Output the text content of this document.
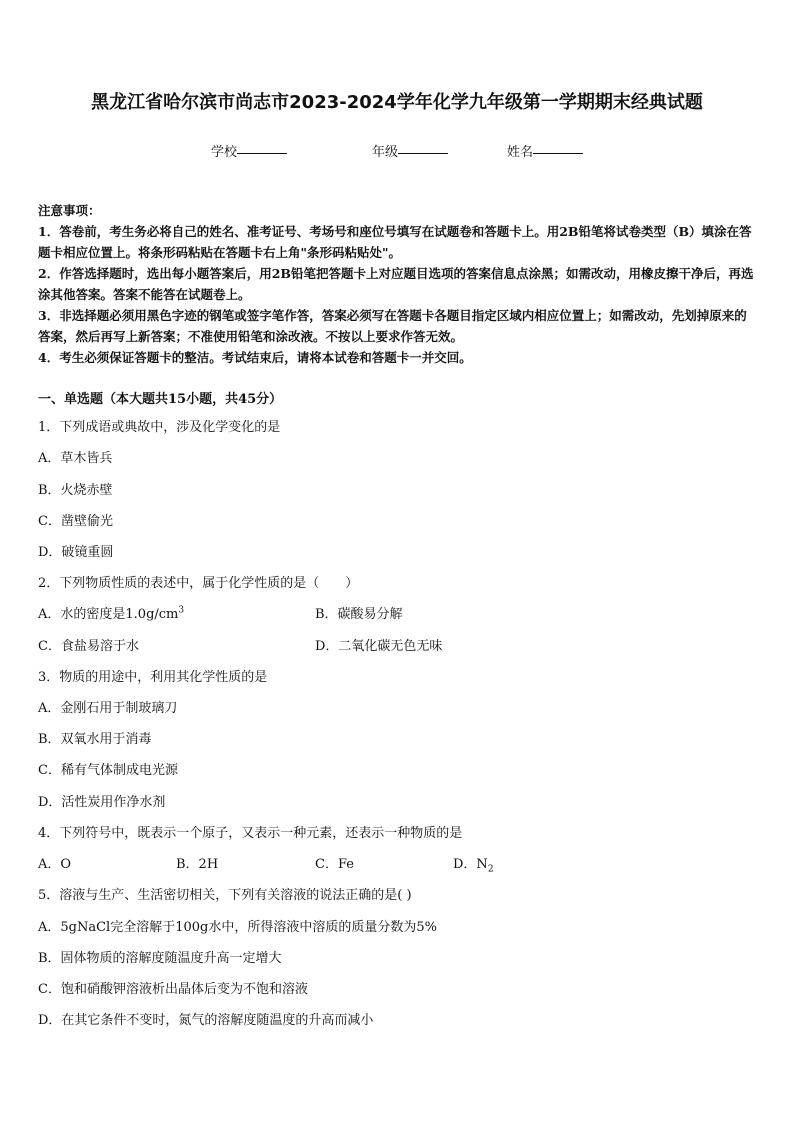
黑龙江省哈尔滨市尚志市2023-2024学年化学九年级第一学期期末经典试题
学校	年级	姓名

注意事项：

1．答卷前，考生务必将自己的姓名、准考证号、考场号和座位号填写在试题卷和答题卡上。用2B铅笔将试卷类型（B）填涂在答题卡相应位置上。将条形码粘贴在答题卡右上角"条形码粘贴处"。

2．作答选择题时，选出每小题答案后，用2B铅笔把答题卡上对应题目选项的答案信息点涂黑；如需改动，用橡皮擦干净后，再选涂其他答案。答案不能答在试题卷上。

3．非选择题必须用黑色字迹的钢笔或签字笔作答，答案必须写在答题卡各题目指定区域内相应位置上；如需改动，先划掉原来的答案，然后再写上新答案；不准使用铅笔和涂改液。不按以上要求作答无效。

4．考生必须保证答题卡的整洁。考试结束后，请将本试卷和答题卡一并交回。

一、单选题（本大题共15小题，共45分）
1．下列成语或典故中，涉及化学变化的是
A．草木皆兵
B．火烧赤壁
C．凿壁偷光
D．破镜重圆
2．下列物质性质的表述中，属于化学性质的是（　　）
A．水的密度是$1.0g/cm^3$	B．碳酸易分解
C．食盐易溶于水	D．二氧化碳无色无味
3．物质的用途中，利用其化学性质的是
A．金刚石用于制玻璃刀
B．双氧水用于消毒
C．稀有气体制成电光源
D．活性炭用作净水剂
4．下列符号中，既表示一个原子，又表示一种元素，还表示一种物质的是
A．O	B．2H	C．Fe	D．$N_2$
5．溶液与生产、生活密切相关，下列有关溶液的说法正确的是( )
A．5gNaCl完全溶解于100g水中，所得溶液中溶质的质量分数为5%
B．固体物质的溶解度随温度升高一定增大
C．饱和硝酸钾溶液析出晶体后变为不饱和溶液
D．在其它条件不变时，氮气的溶解度随温度的升高而减小
